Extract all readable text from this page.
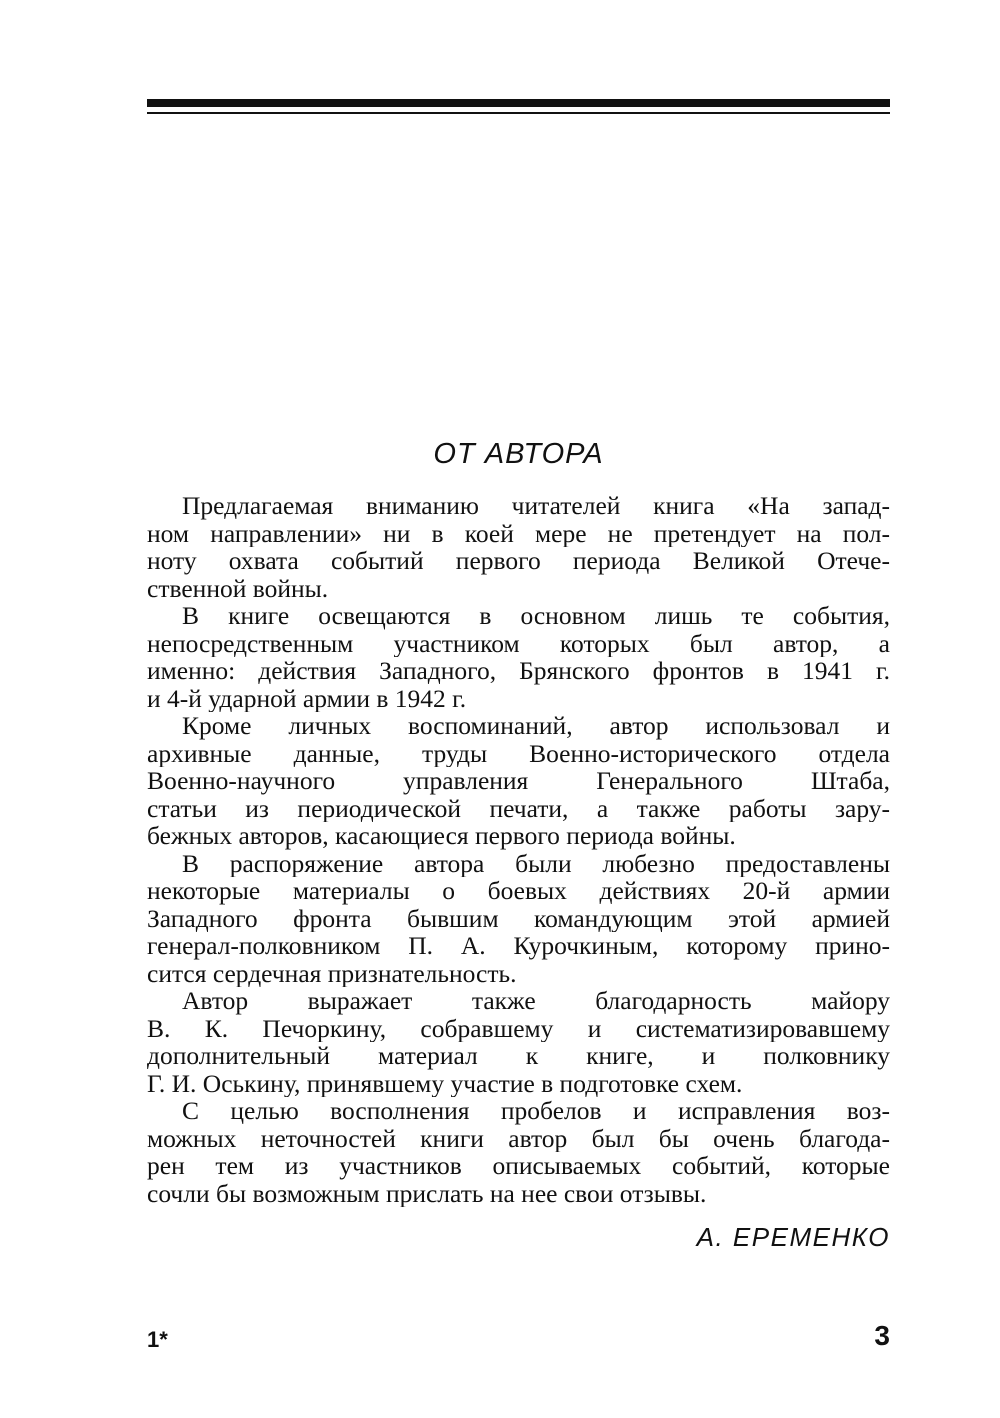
ОТ АВТОРА
Предлагаемая вниманию читателей книга «На запад-
ном направлении» ни в коей мере не претендует на пол-
ноту охвата событий первого периода Великой Отече-
ственной войны.
В книге освещаются в основном лишь те события,
непосредственным участником которых был автор, а
именно: действия Западного, Брянского фронтов в 1941 г.
и 4-й ударной армии в 1942 г.
Кроме личных воспоминаний, автор использовал и
архивные данные, труды Военно-исторического отдела
Военно-научного управления Генерального Штаба,
статьи из периодической печати, а также работы зару-
бежных авторов, касающиеся первого периода войны.
В распоряжение автора были любезно предоставлены
некоторые материалы о боевых действиях 20-й армии
Западного фронта бывшим командующим этой армией
генерал-полковником П. А. Курочкиным, которому прино-
сится сердечная признательность.
Автор выражает также благодарность майору
В. К. Печоркину, собравшему и систематизировавшему
дополнительный материал к книге, и полковнику
Г. И. Оськину, принявшему участие в подготовке схем.
С целью восполнения пробелов и исправления воз-
можных неточностей книги автор был бы очень благода-
рен тем из участников описываемых событий, которые
сочли бы возможным прислать на нее свои отзывы.
А. ЕРЕМЕНКО
1*	3
